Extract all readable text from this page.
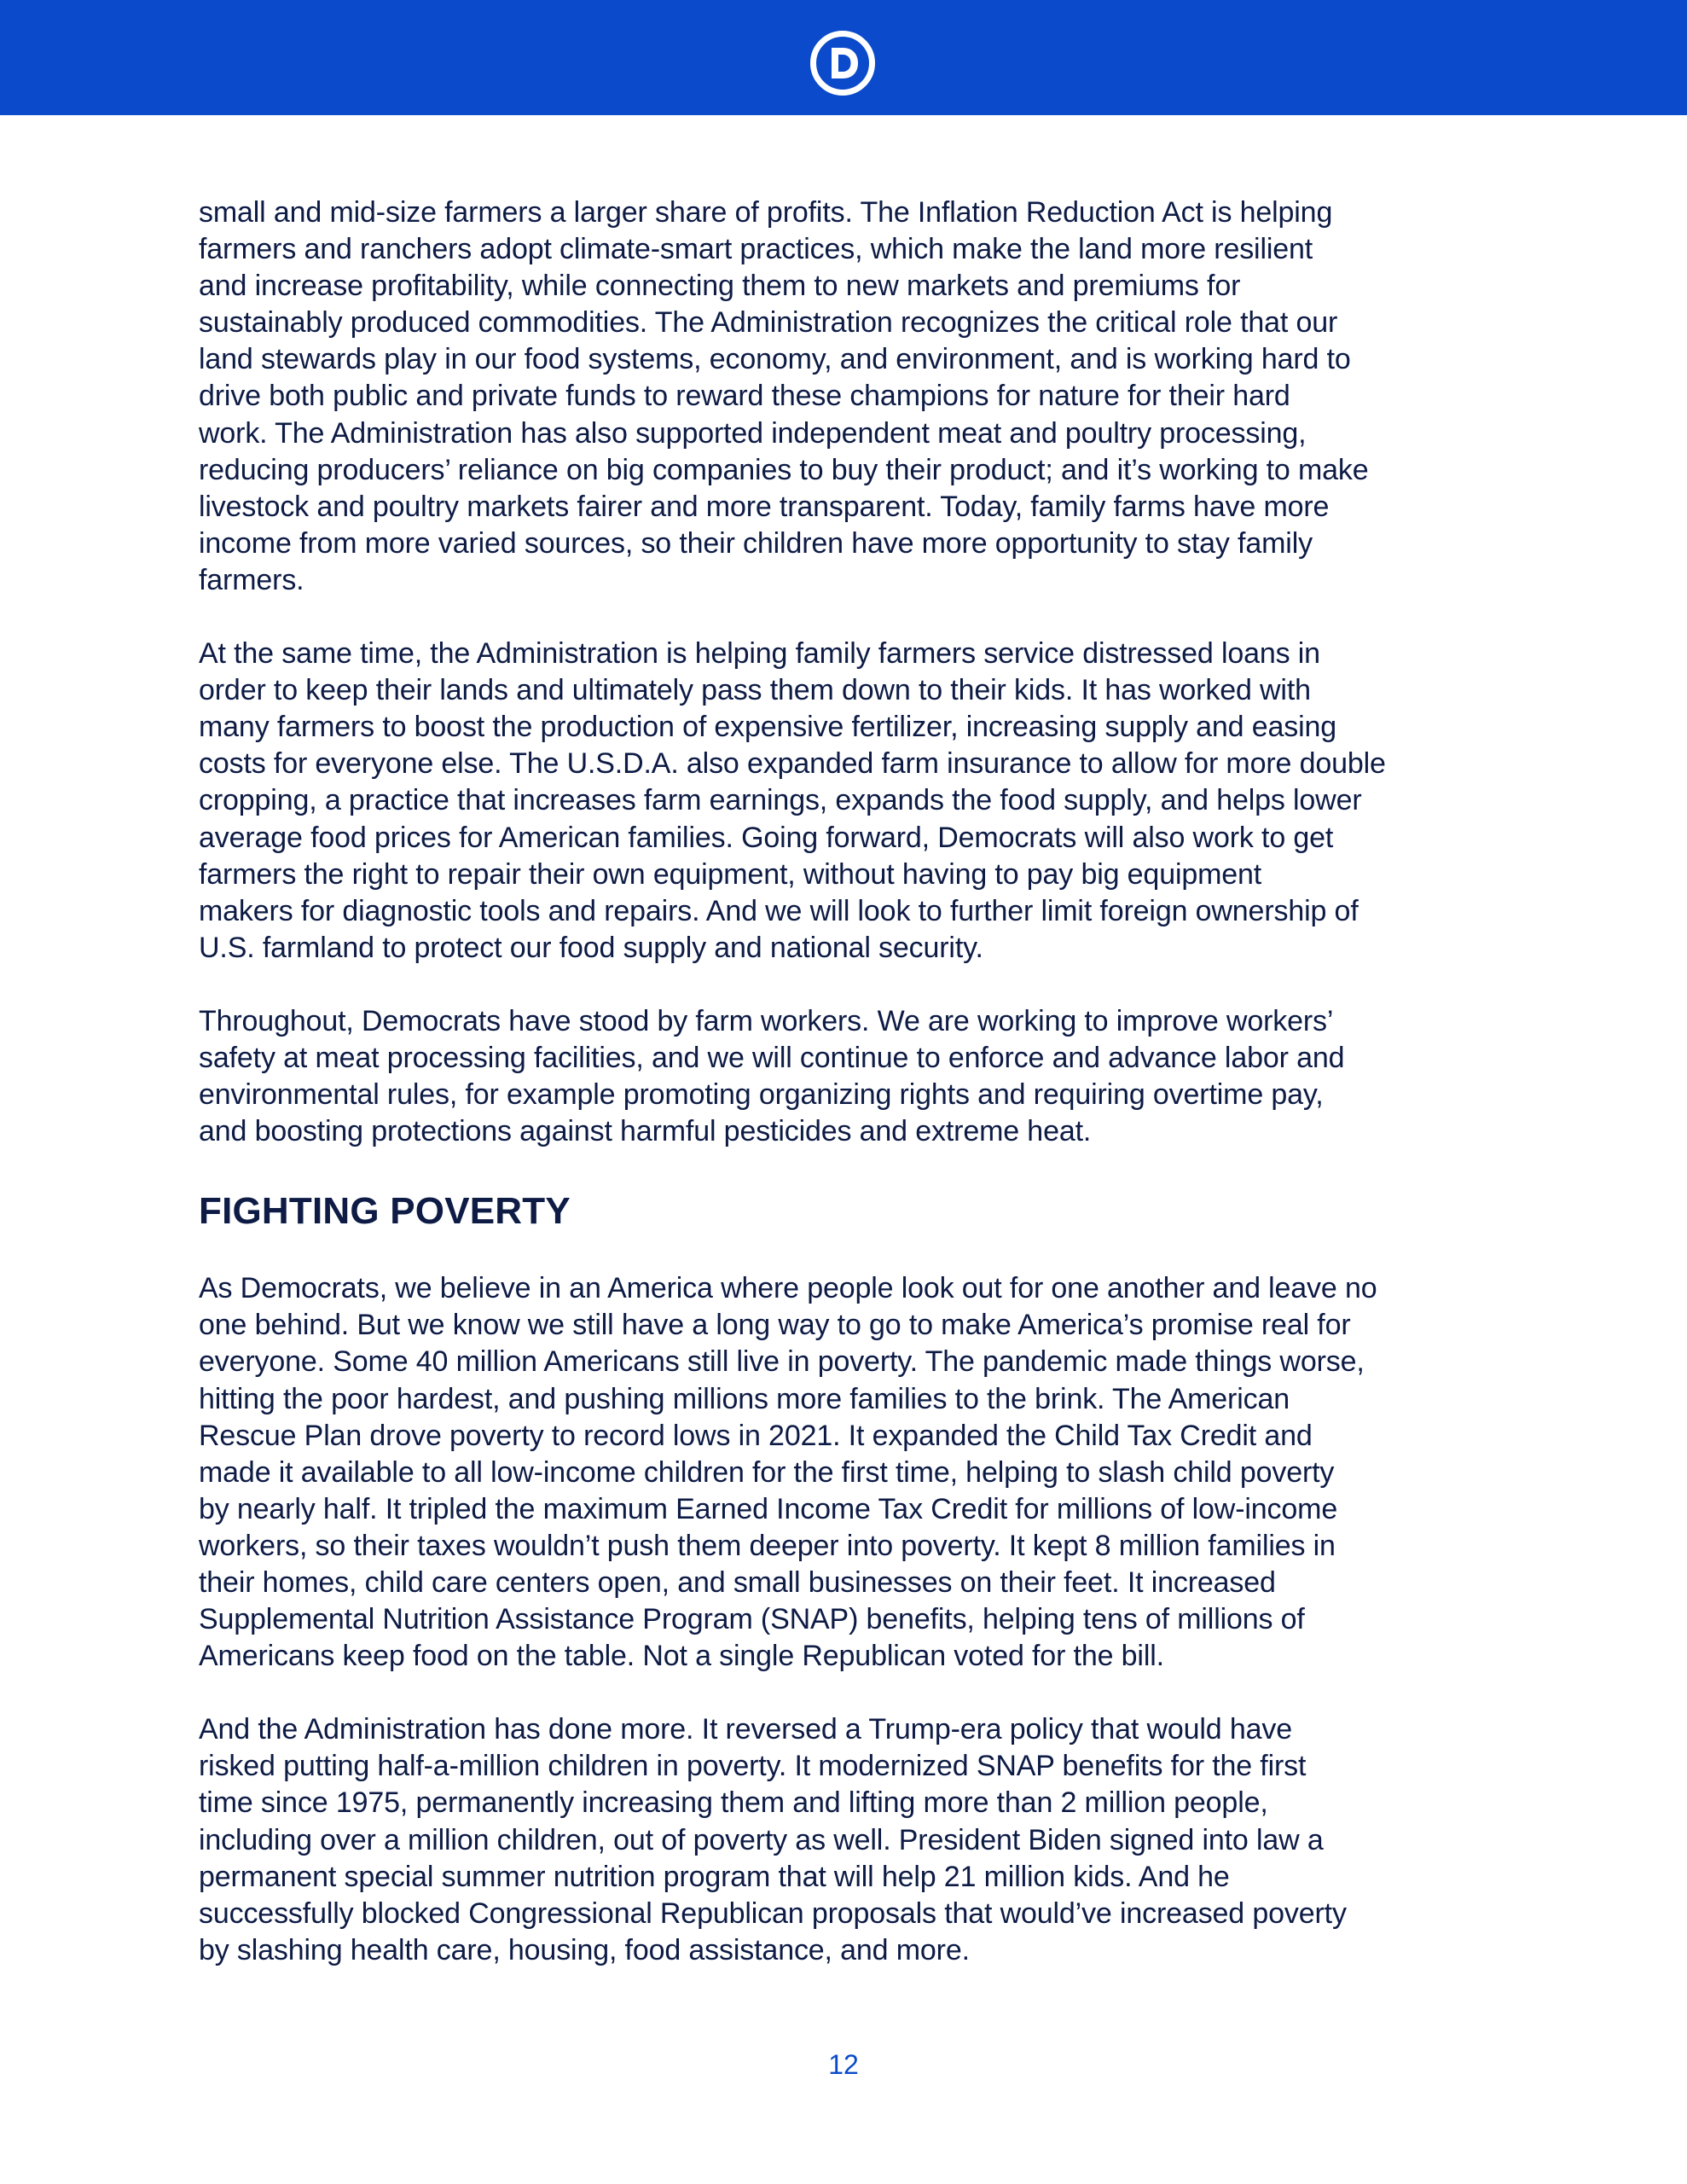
small and mid-size farmers a larger share of profits. The Inflation Reduction Act is helping
farmers and ranchers adopt climate-smart practices, which make the land more resilient
and increase profitability, while connecting them to new markets and premiums for
sustainably produced commodities. The Administration recognizes the critical role that our
land stewards play in our food systems, economy, and environment, and is working hard to
drive both public and private funds to reward these champions for nature for their hard
work. The Administration has also supported independent meat and poultry processing,
reducing producers’ reliance on big companies to buy their product; and it’s working to make
livestock and poultry markets fairer and more transparent. Today, family farms have more
income from more varied sources, so their children have more opportunity to stay family
farmers.

At the same time, the Administration is helping family farmers service distressed loans in
order to keep their lands and ultimately pass them down to their kids. It has worked with
many farmers to boost the production of expensive fertilizer, increasing supply and easing
costs for everyone else. The U.S.D.A. also expanded farm insurance to allow for more double
cropping, a practice that increases farm earnings, expands the food supply, and helps lower
average food prices for American families. Going forward, Democrats will also work to get
farmers the right to repair their own equipment, without having to pay big equipment
makers for diagnostic tools and repairs. And we will look to further limit foreign ownership of
U.S. farmland to protect our food supply and national security.

Throughout, Democrats have stood by farm workers. We are working to improve workers’
safety at meat processing facilities, and we will continue to enforce and advance labor and
environmental rules, for example promoting organizing rights and requiring overtime pay,
and boosting protections against harmful pesticides and extreme heat.

FIGHTING POVERTY

As Democrats, we believe in an America where people look out for one another and leave no
one behind. But we know we still have a long way to go to make America’s promise real for
everyone. Some 40 million Americans still live in poverty. The pandemic made things worse,
hitting the poor hardest, and pushing millions more families to the brink. The American
Rescue Plan drove poverty to record lows in 2021. It expanded the Child Tax Credit and
made it available to all low-income children for the first time, helping to slash child poverty
by nearly half. It tripled the maximum Earned Income Tax Credit for millions of low-income
workers, so their taxes wouldn’t push them deeper into poverty. It kept 8 million families in
their homes, child care centers open, and small businesses on their feet. It increased
Supplemental Nutrition Assistance Program (SNAP) benefits, helping tens of millions of
Americans keep food on the table. Not a single Republican voted for the bill.

And the Administration has done more. It reversed a Trump-era policy that would have
risked putting half-a-million children in poverty. It modernized SNAP benefits for the first
time since 1975, permanently increasing them and lifting more than 2 million people,
including over a million children, out of poverty as well. President Biden signed into law a
permanent special summer nutrition program that will help 21 million kids. And he
successfully blocked Congressional Republican proposals that would’ve increased poverty
by slashing health care, housing, food assistance, and more.

12
